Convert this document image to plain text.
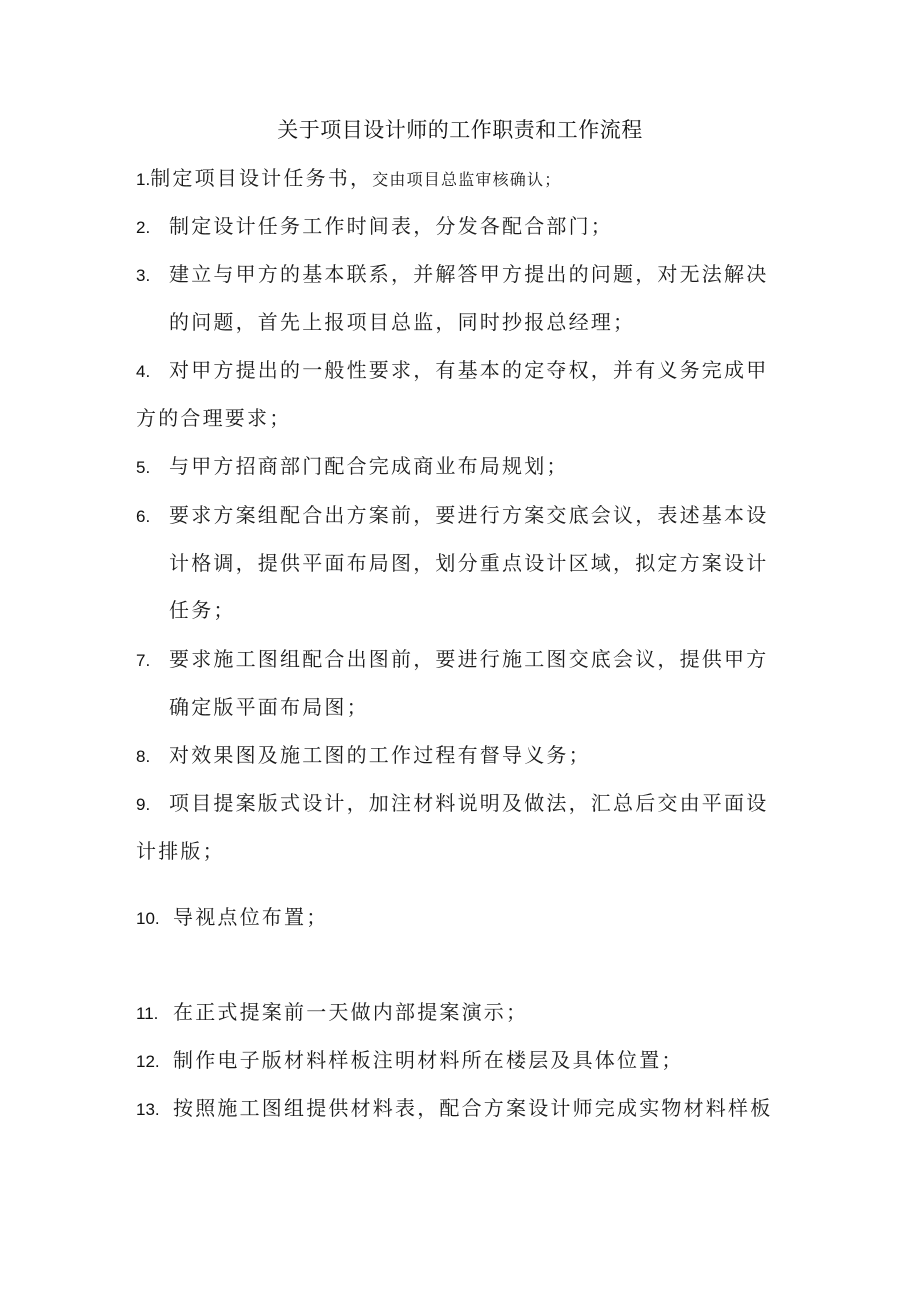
关于项目设计师的工作职责和工作流程
1.制定项目设计任务书，交由项目总监审核确认；
2. 制定设计任务工作时间表，分发各配合部门；
3. 建立与甲方的基本联系，并解答甲方提出的问题，对无法解决
的问题，首先上报项目总监，同时抄报总经理；
4. 对甲方提出的一般性要求，有基本的定夺权，并有义务完成甲
方的合理要求；
5. 与甲方招商部门配合完成商业布局规划；
6. 要求方案组配合出方案前，要进行方案交底会议，表述基本设
计格调，提供平面布局图，划分重点设计区域，拟定方案设计
任务；
7. 要求施工图组配合出图前，要进行施工图交底会议，提供甲方
确定版平面布局图；
8. 对效果图及施工图的工作过程有督导义务；
9. 项目提案版式设计，加注材料说明及做法，汇总后交由平面设
计排版；
10. 导视点位布置；
11. 在正式提案前一天做内部提案演示；
12. 制作电子版材料样板注明材料所在楼层及具体位置；
13. 按照施工图组提供材料表，配合方案设计师完成实物材料样板
